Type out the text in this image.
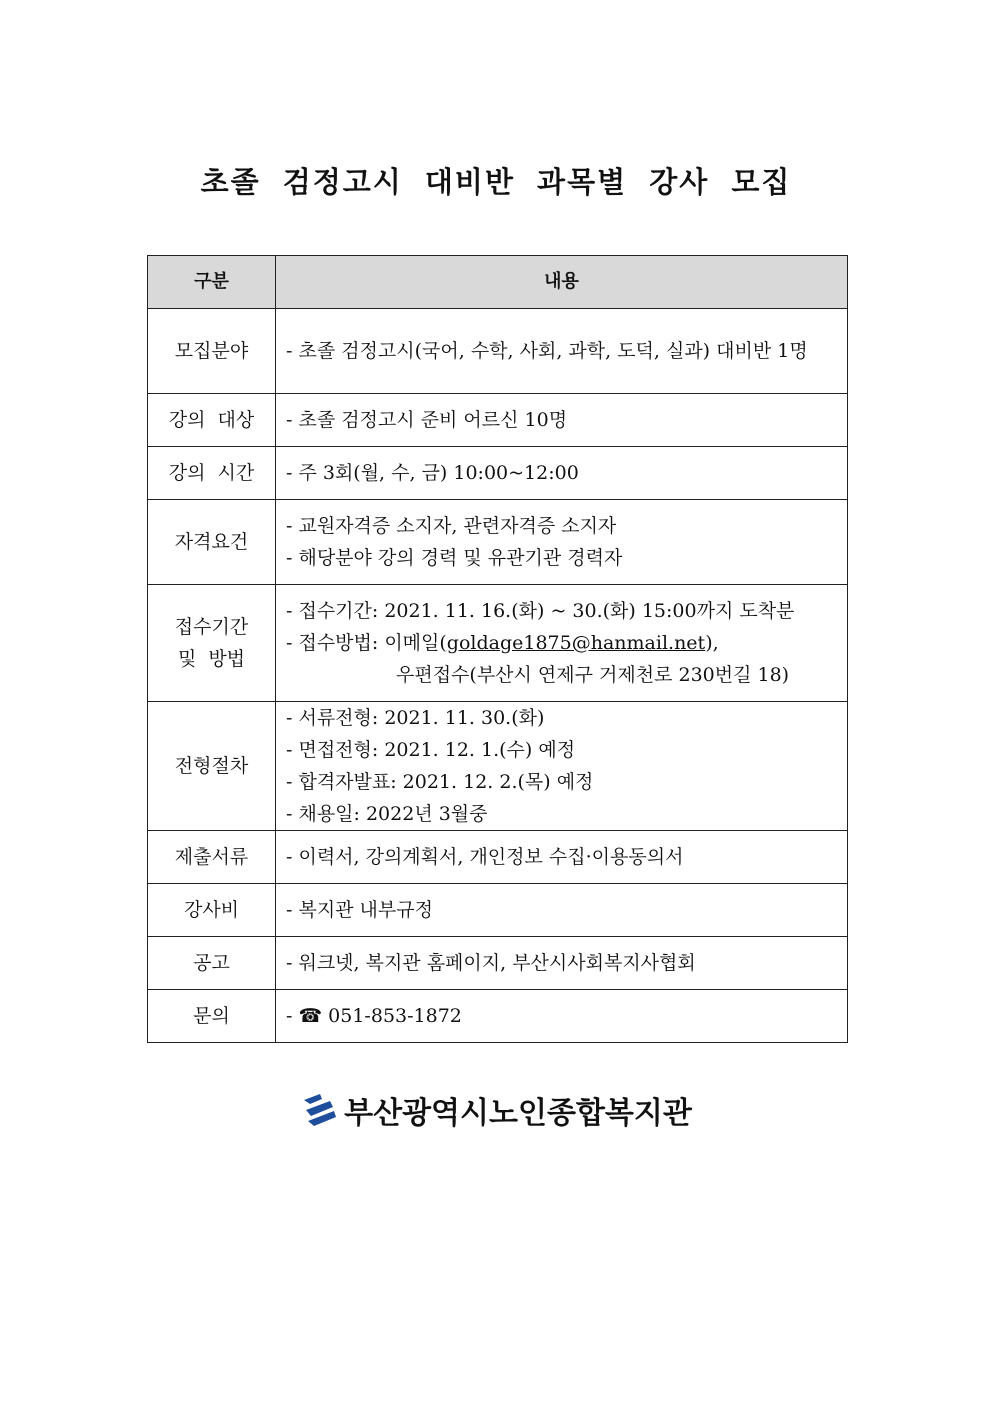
초졸 검정고시 대비반 과목별 강사 모집
구분	내용
모집분야	- 초졸 검정고시(국어, 수학, 사회, 과학, 도덕, 실과) 대비반 1명

강의 대상	- 초졸 검정고시 준비 어르신 10명

강의 시간	- 주 3회(월, 수, 금) 10:00~12:00

자격요건	- 교원자격증 소지자, 관련자격증 소지자
- 해당분야 강의 경력 및 유관기관 경력자

접수기간
및 방법	- 접수기간: 2021. 11. 16.(화) ~ 30.(화) 15:00까지 도착분
- 접수방법: 이메일(goldage1875@hanmail.net),
우편접수(부산시 연제구 거제천로 230번길 18)

전형절차	- 서류전형: 2021. 11. 30.(화)
- 면접전형: 2021. 12. 1.(수) 예정
- 합격자발표: 2021. 12. 2.(목) 예정
- 채용일: 2022년 3월중

제출서류	- 이력서, 강의계획서, 개인정보 수집·이용동의서

강사비	- 복지관 내부규정

공고	- 워크넷, 복지관 홈페이지, 부산시사회복지사협회

문의	- ☎ 051-853-1872
부산광역시노인종합복지관
